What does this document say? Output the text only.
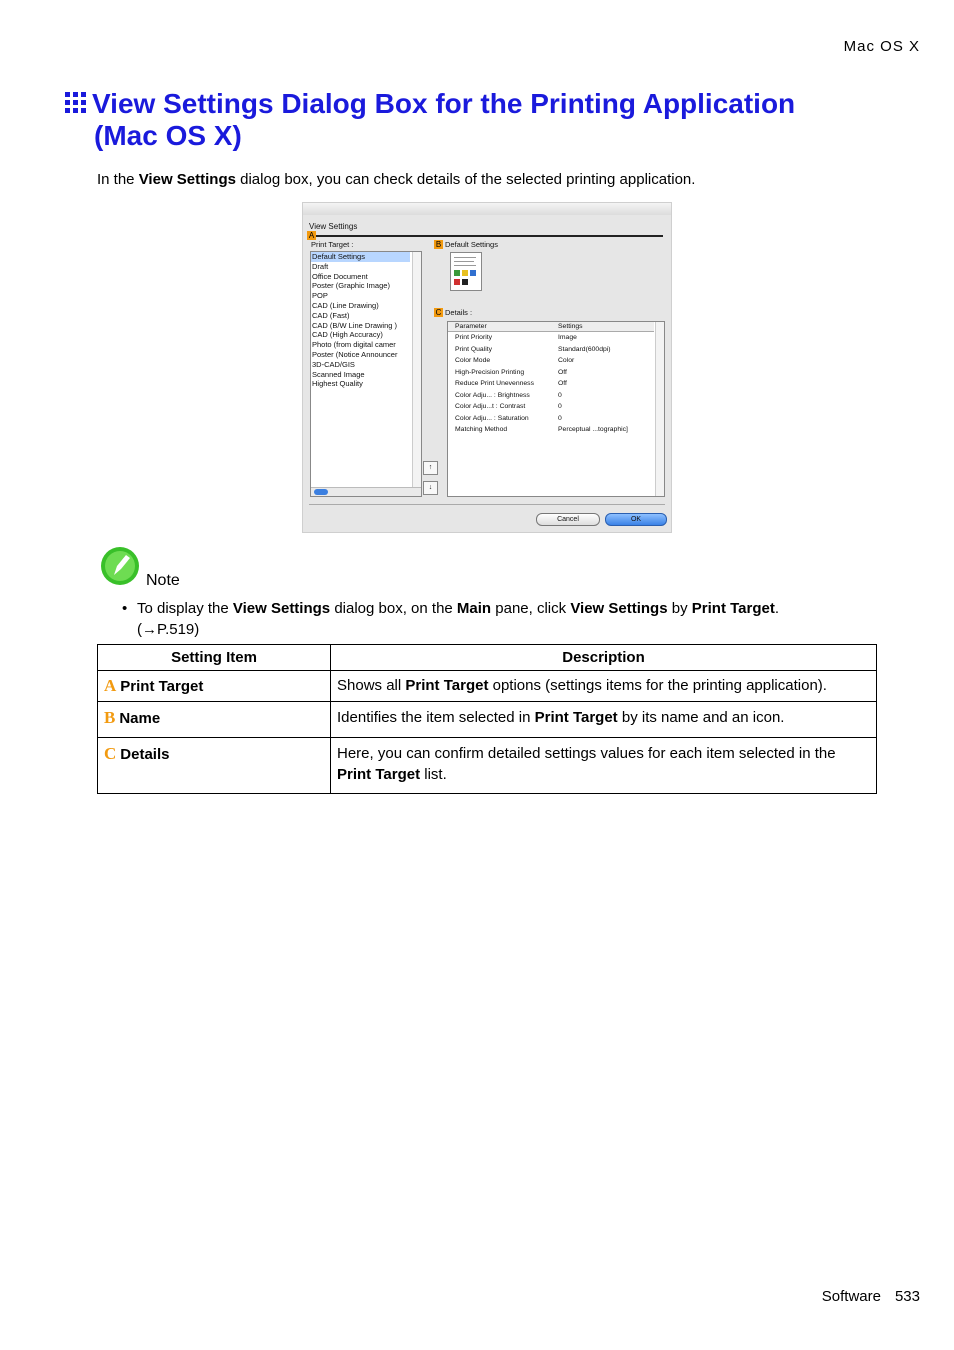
Mac OS X
View Settings Dialog Box for the Printing Application
(Mac OS X)
In the View Settings dialog box, you can check details of the selected printing application.
View Settings
A
Print Target :
Default Settings
Draft
Office Document
Poster (Graphic Image)
POP
CAD (Line Drawing)
CAD (Fast)
CAD (B/W Line Drawing )
CAD (High Accuracy)
Photo (from digital camer
Poster (Notice Announcer
3D-CAD/GIS
Scanned Image
Highest Quality
B Default Settings
C Details :
↑
↓
Parameter	Settings
Print Priority	Image
Print Quality	Standard(600dpi)
Color Mode	Color
High-Precision Printing	Off
Reduce Print Unevenness	Off
Color Adju... : Brightness	0
Color Adju...t : Contrast	0
Color Adju... : Saturation	0
Matching Method	Perceptual ...tographic]
Cancel	OK
Note
• To display the View Settings dialog box, on the Main pane, click View Settings by Print Target.
(→P.519)
Setting Item	Description
A Print Target	Shows all Print Target options (settings items for the printing application).
B Name	Identifies the item selected in Print Target by its name and an icon.
C Details	Here, you can confirm detailed settings values for each item selected in the Print Target list.
Software 533
